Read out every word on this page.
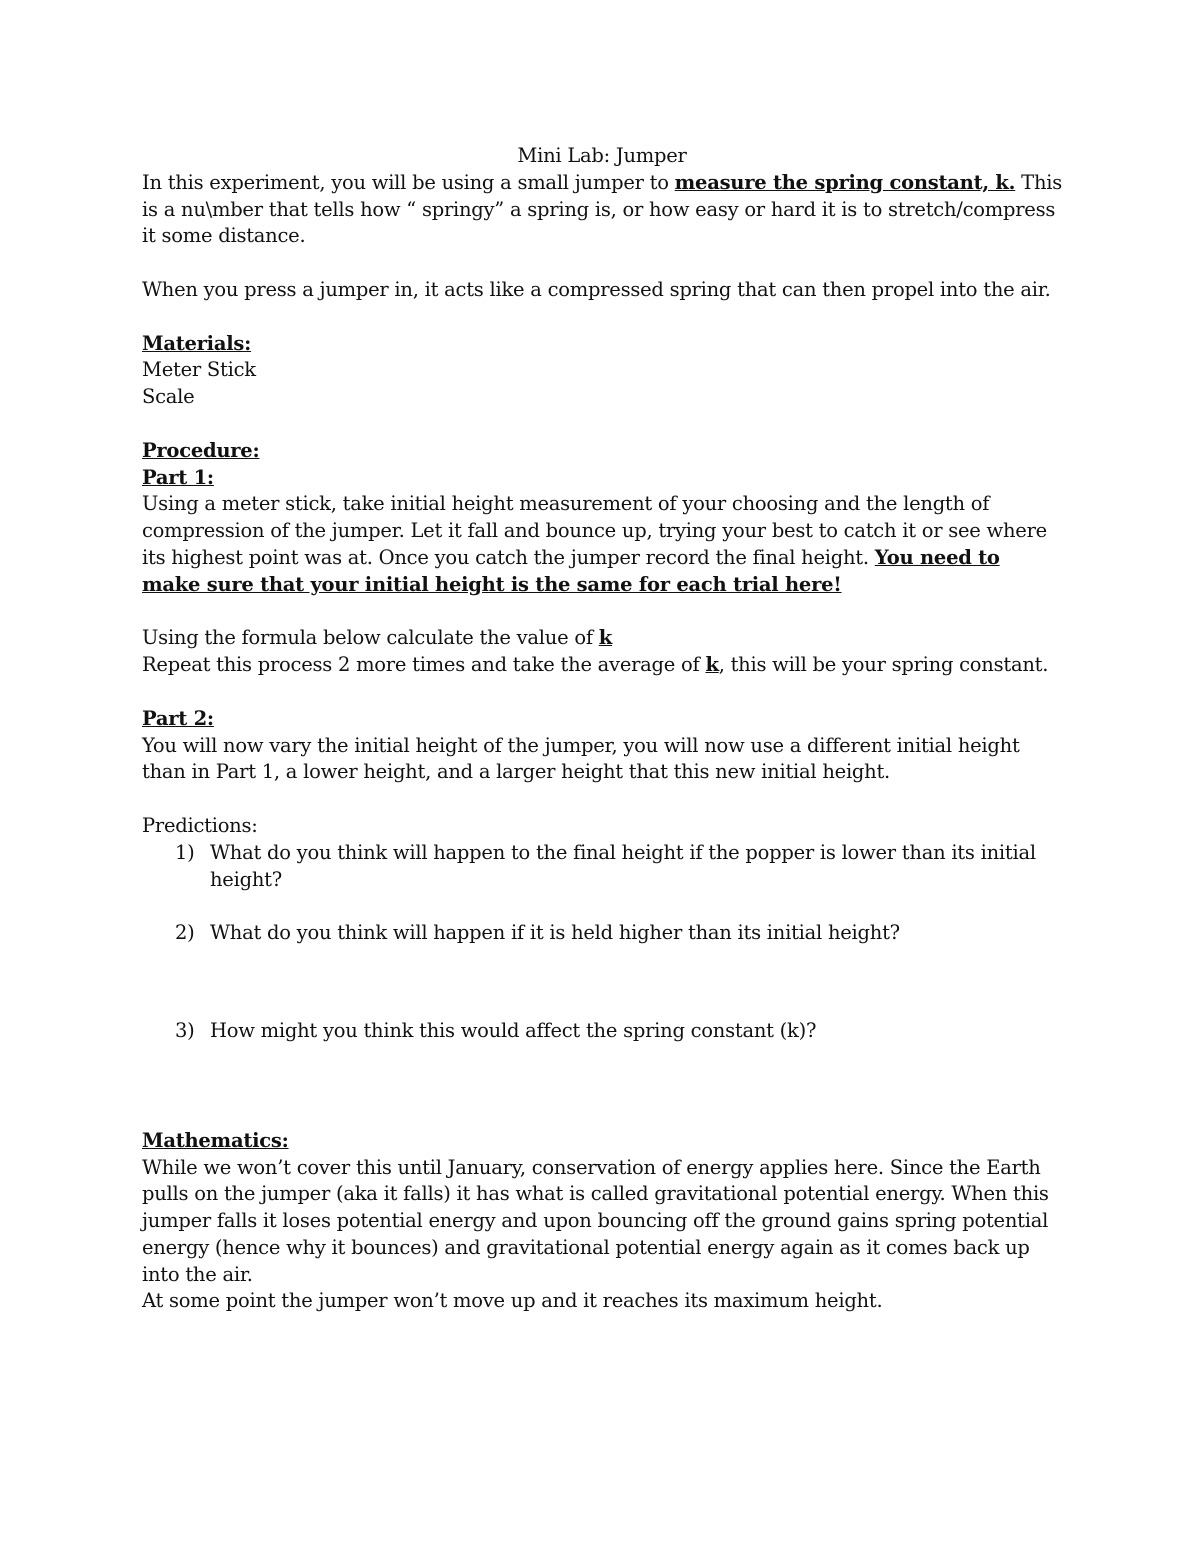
Mini Lab: Jumper

In this experiment, you will be using a small jumper to measure the spring constant, k. This is a nu\mber that tells how “ springy” a spring is, or how easy or hard it is to stretch/compress it some distance.

When you press a jumper in, it acts like a compressed spring that can then propel into the air.

Materials:

Meter Stick

Scale

Procedure:

Part 1:

Using a meter stick, take initial height measurement of your choosing and the length of compression of the jumper. Let it fall and bounce up, trying your best to catch it or see where its highest point was at. Once you catch the jumper record the final height. You need to make sure that your initial height is the same for each trial here!

Using the formula below calculate the value of k

Repeat this process 2 more times and take the average of k, this will be your spring constant.

Part 2:

You will now vary the initial height of the jumper, you will now use a different initial height than in Part 1, a lower height, and a larger height that this new initial height.

Predictions:

1) What do you think will happen to the final height if the popper is lower than its initial height?
2) What do you think will happen if it is held higher than its initial height?
3) How might you think this would affect the spring constant (k)?

Mathematics:

While we won’t cover this until January, conservation of energy applies here. Since the Earth pulls on the jumper (aka it falls) it has what is called gravitational potential energy. When this jumper falls it loses potential energy and upon bouncing off the ground gains spring potential energy (hence why it bounces) and gravitational potential energy again as it comes back up into the air.

At some point the jumper won’t move up and it reaches its maximum height.
